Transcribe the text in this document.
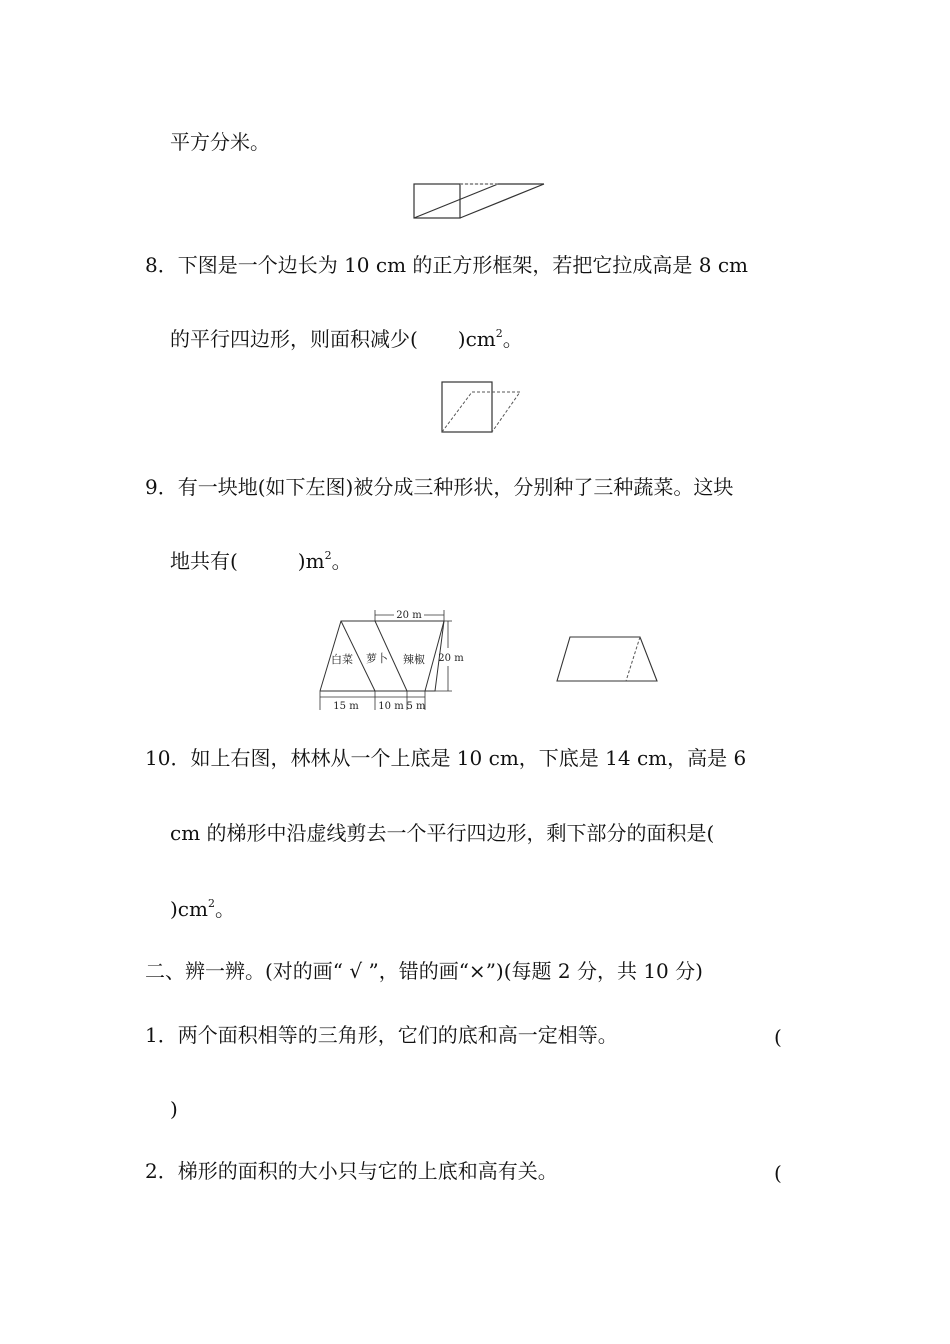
平方分米。
8．下图是一个边长为 10 cm 的正方形框架，若把它拉成高是 8 cm
的平行四边形，则面积减少(　　)$cm^2$。
9．有一块地(如下左图)被分成三种形状，分别种了三种蔬菜。这块
地共有(　　　)$m^2$。
20 m
20 m
白菜 萝卜 辣椒
15 m 10 m 5 m
10．如上右图，林林从一个上底是 10 cm，下底是 14 cm，高是 6
cm 的梯形中沿虚线剪去一个平行四边形，剩下部分的面积是(
)$cm^2$。
二、辨一辨。(对的画“ √ ”，错的画“×”)(每题 2 分，共 10 分)
1．两个面积相等的三角形，它们的底和高一定相等。	(
)
2．梯形的面积的大小只与它的上底和高有关。	(
